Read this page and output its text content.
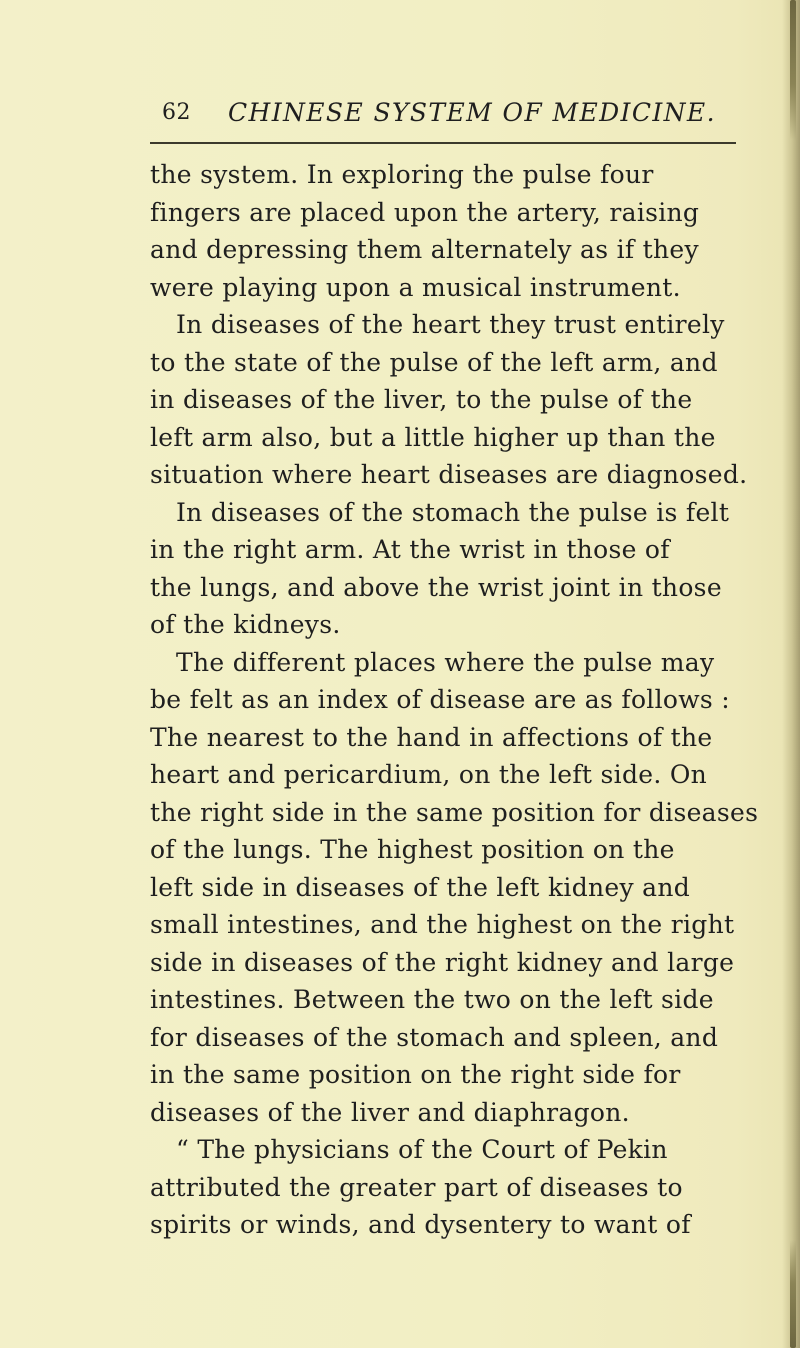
62 CHINESE SYSTEM OF MEDICINE.
the system. In exploring the pulse four
fingers are placed upon the artery, raising
and depressing them alternately as if they
were playing upon a musical instrument.
In diseases of the heart they trust entirely
to the state of the pulse of the left arm, and
in diseases of the liver, to the pulse of the
left arm also, but a little higher up than the
situation where heart diseases are diagnosed.
In diseases of the stomach the pulse is felt
in the right arm. At the wrist in those of
the lungs, and above the wrist joint in those
of the kidneys.
The different places where the pulse may
be felt as an index of disease are as follows :
The nearest to the hand in affections of the
heart and pericardium, on the left side. On
the right side in the same position for diseases
of the lungs. The highest position on the
left side in diseases of the left kidney and
small intestines, and the highest on the right
side in diseases of the right kidney and large
intestines. Between the two on the left side
for diseases of the stomach and spleen, and
in the same position on the right side for
diseases of the liver and diaphragon.
“ The physicians of the Court of Pekin
attributed the greater part of diseases to
spirits or winds, and dysentery to want of
